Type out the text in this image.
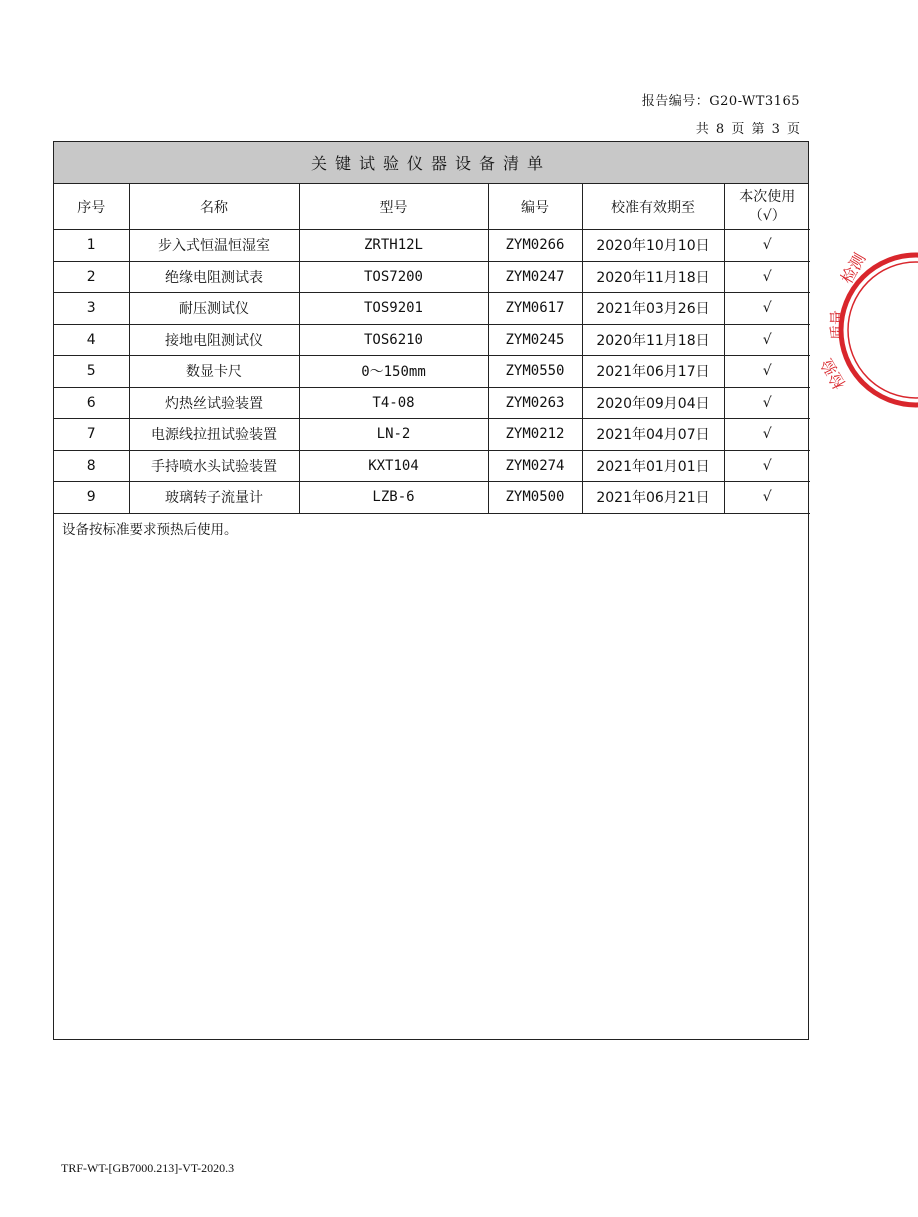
报告编号：G20-WT3165
共 8 页 第 3 页
关键试验仪器设备清单
序号	名称	型号	编号	校准有效期至	本次使用
（√）

1	步入式恒温恒湿室	ZRTH12L	ZYM0266	2020年10月10日	√
2	绝缘电阻测试表	TOS7200	ZYM0247	2020年11月18日	√
3	耐压测试仪	TOS9201	ZYM0617	2021年03月26日	√
4	接地电阻测试仪	TOS6210	ZYM0245	2020年11月18日	√
5	数显卡尺	0～150mm	ZYM0550	2021年06月17日	√
6	灼热丝试验装置	T4-08	ZYM0263	2020年09月04日	√
7	电源线拉扭试验装置	LN-2	ZYM0212	2021年04月07日	√
8	手持喷水头试验装置	KXT104	ZYM0274	2021年01月01日	√
9	玻璃转子流量计	LZB-6	ZYM0500	2021年06月21日	√
设备按标准要求预热后使用。
检测
质量
检验
TRF-WT-[GB7000.213]-VT-2020.3
